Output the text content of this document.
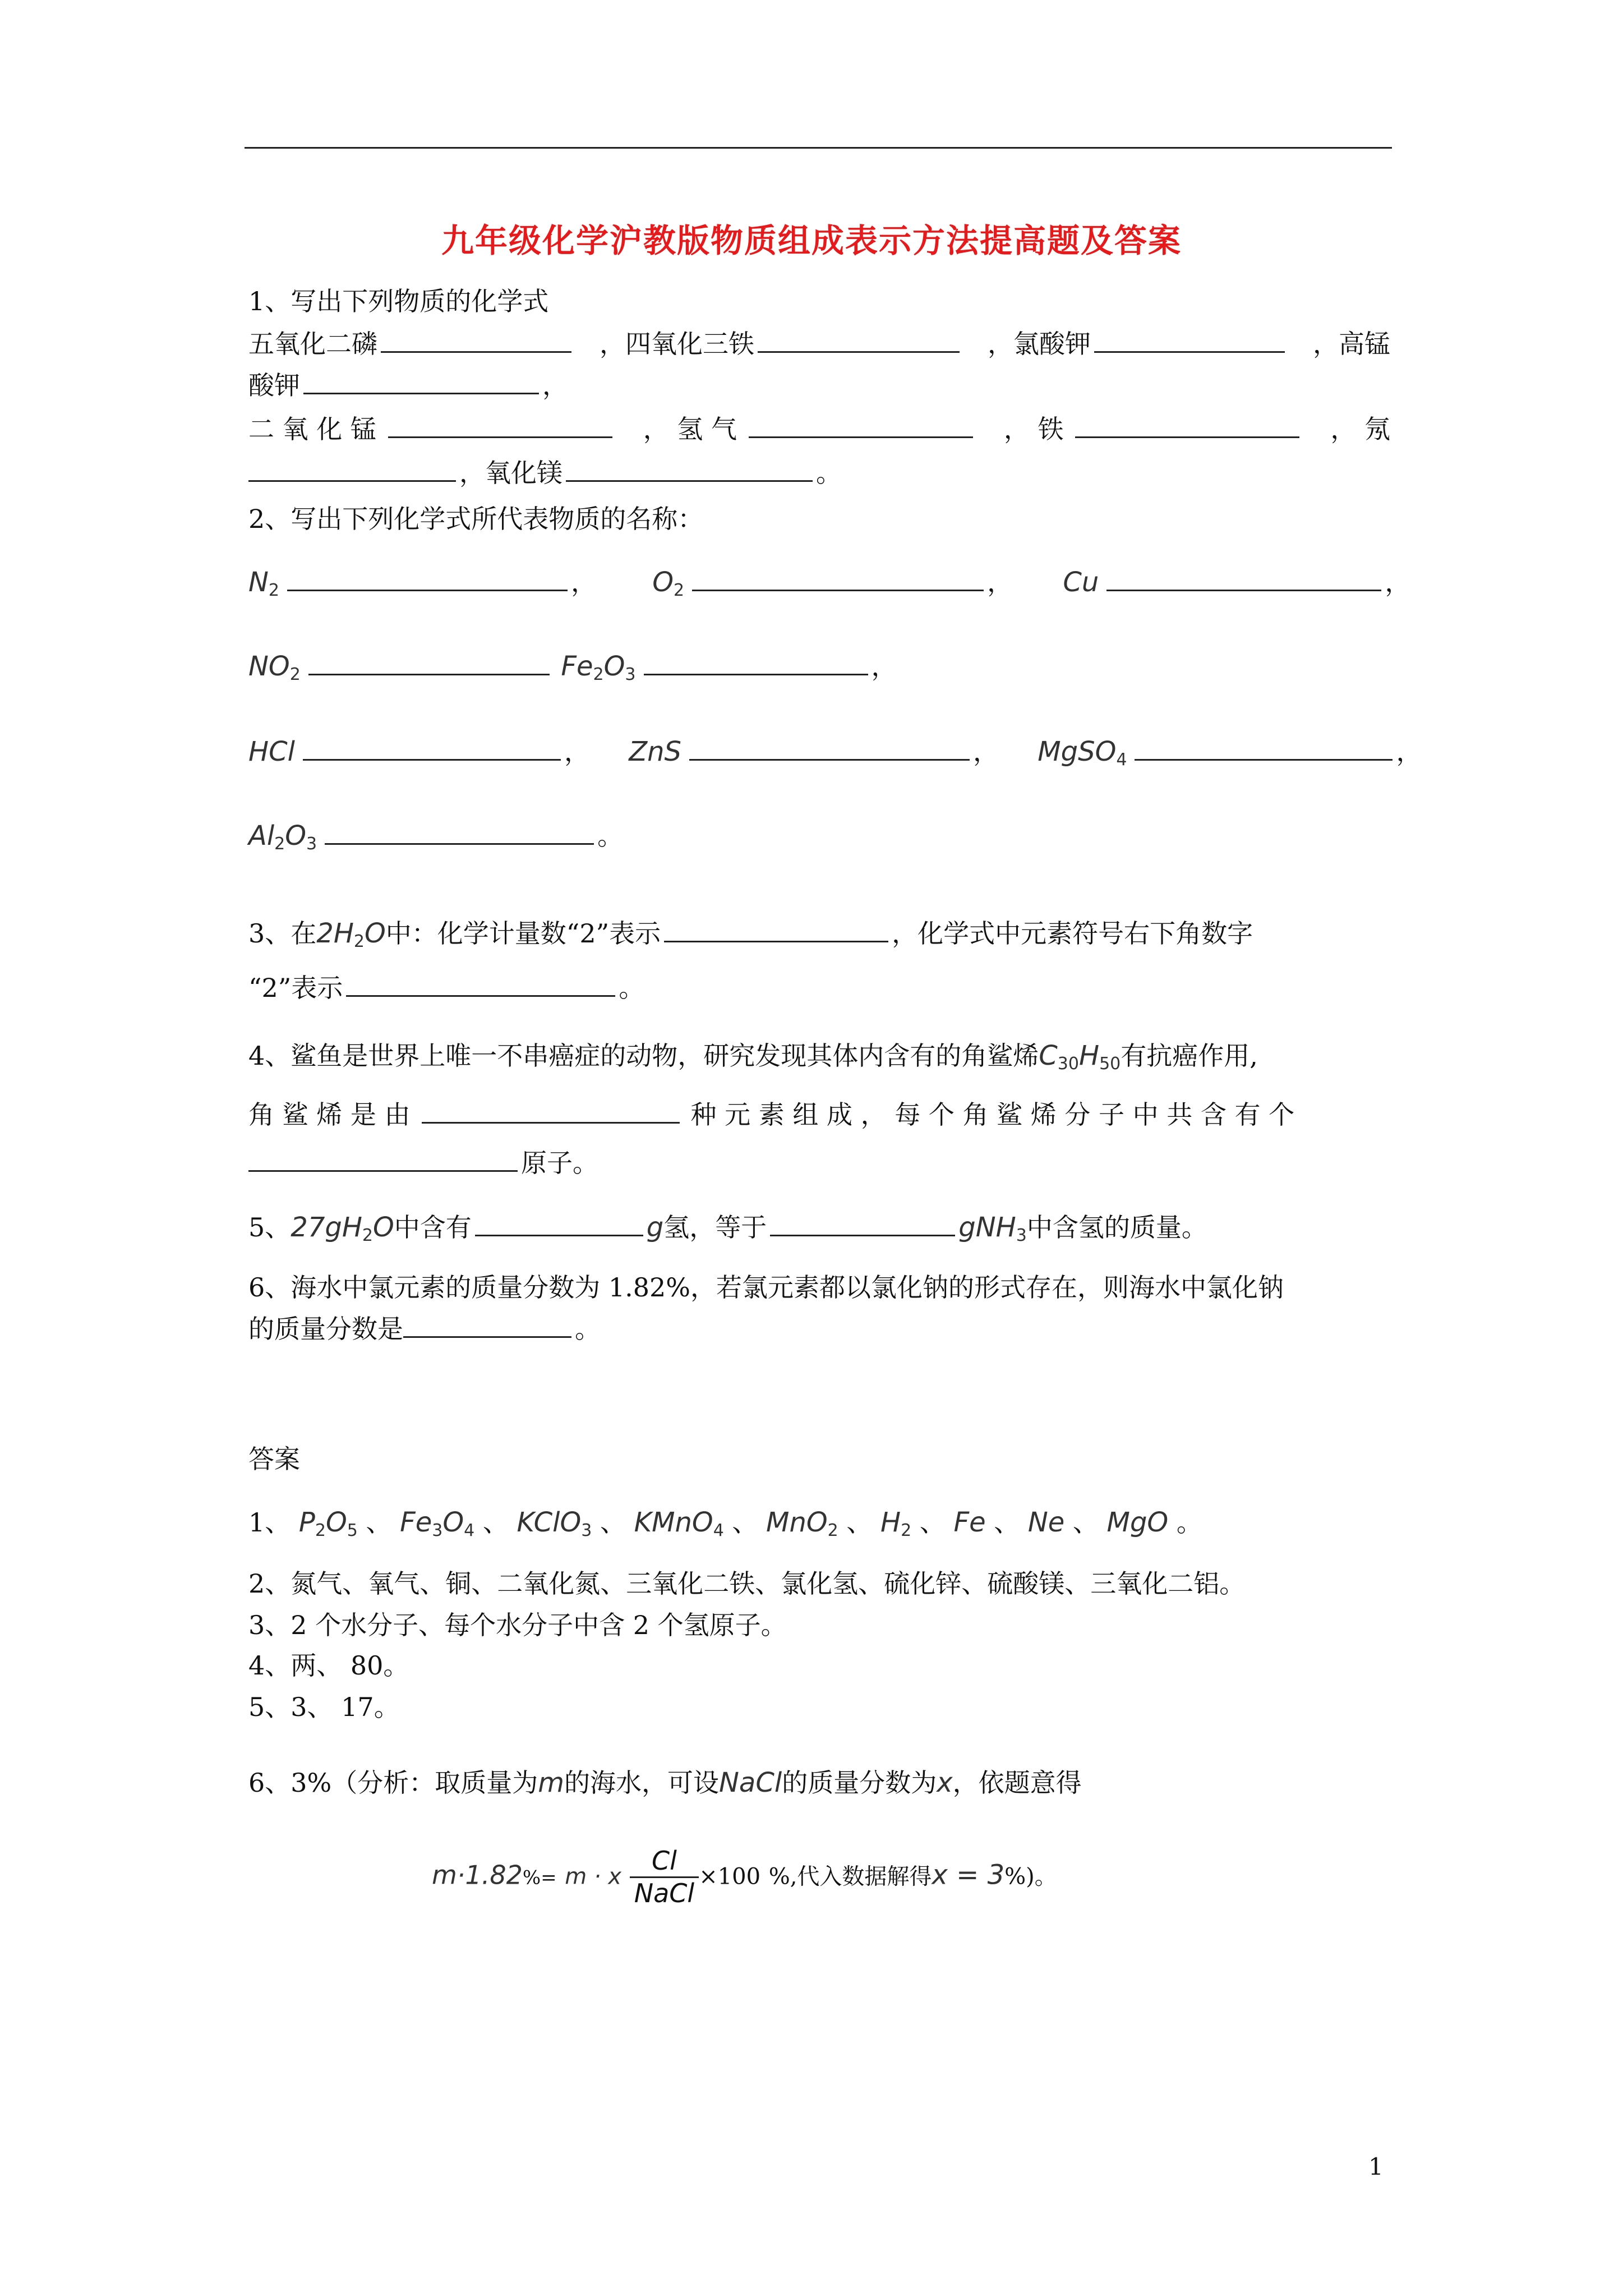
九年级化学沪教版物质组成表示方法提高题及答案
1、写出下列物质的化学式
五氧化二磷	，四氧化三铁	，氯酸钾	，高锰
酸钾	，
二 氧 化 锰	， 氢 气	， 铁	， 氖
，氧化镁	。
2、写出下列化学式所代表物质的名称：
$N_2$	， $O_2$	， Cu	，
$NO_2$	$Fe_2O_3$	，
HCl	， ZnS	， MgSO$_4$	，
$Al_2O_3$	。
3、在$2H_2O$中：化学计量数“2”表示	，化学式中元素符号右下角数字
“2”表示	。
4、鲨鱼是世界上唯一不串癌症的动物，研究发现其体内含有的角鲨烯$C_{30}H_{50}$有抗癌作用,
角 鲨 烯 是 由	种 元 素 组 成 ， 每 个 角 鲨 烯 分 子 中 共 含 有 个
原子。
5、$27gH_2O$中含有	g氢，等于	gNH$_3$中含氢的质量。
6、海水中氯元素的质量分数为 1.82%，若氯元素都以氯化钠的形式存在，则海水中氯化钠
的质量分数是	。
答案
1、 $P_2O_5$ 、 $Fe_3O_4$ 、 KClO$_3$ 、 KMnO$_4$ 、 MnO$_2$ 、 $H_2$ 、 Fe 、 Ne 、 MgO 。
2、氮气、氧气、铜、二氧化氮、三氧化二铁、氯化氢、硫化锌、硫酸镁、三氧化二铝。
3、2 个水分子、每个水分子中含 2 个氢原子。
4、两、 80。
5、3、 17。
6、3%（分析：取质量为m的海水，可设NaCl的质量分数为x，依题意得
m·1.82%= m · x $\frac{Cl}{\text{NaCl}} \times 100$ %,代入数据解得x = 3%)。
1
